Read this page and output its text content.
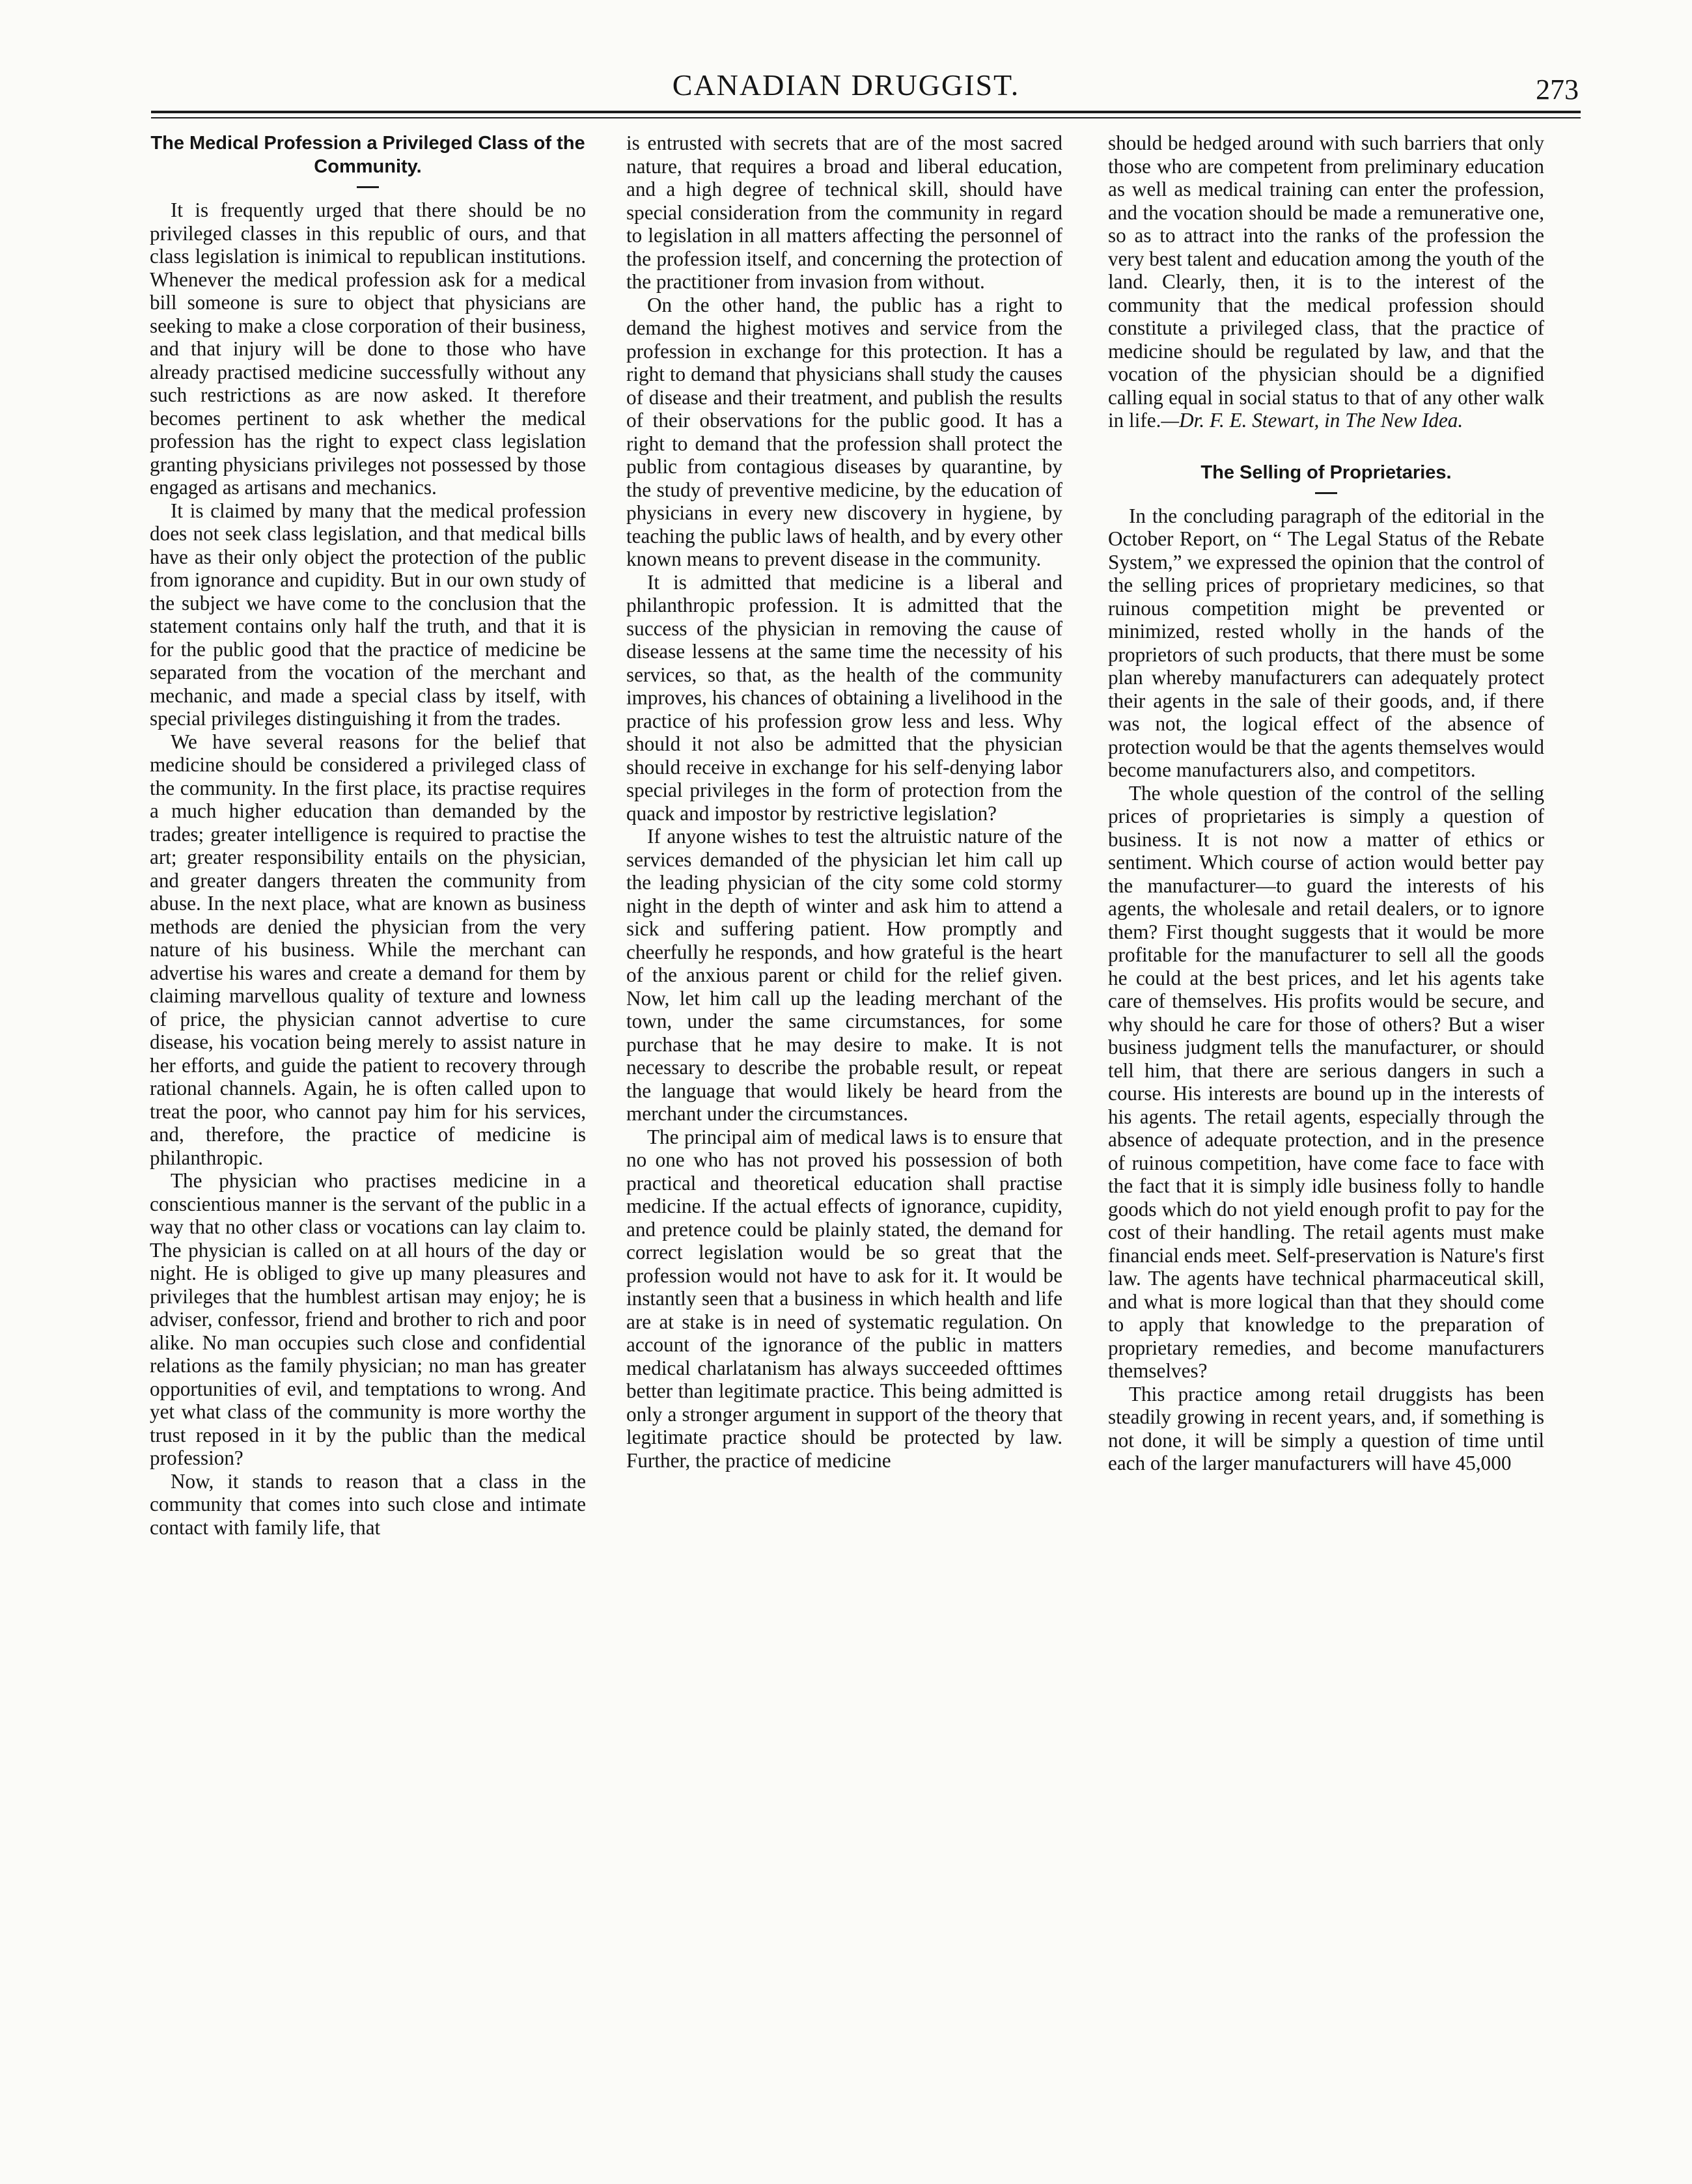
CANADIAN DRUGGIST.	273
The Medical Profession a Privileged Class of the Community.

It is frequently urged that there should be no privileged classes in this republic of ours, and that class legislation is inimical to republican institutions. Whenever the medical profession ask for a medical bill someone is sure to object that physicians are seeking to make a close corporation of their business, and that injury will be done to those who have already practised medicine successfully without any such restrictions as are now asked. It therefore becomes pertinent to ask whether the medical profession has the right to expect class legislation granting physicians privileges not possessed by those engaged as artisans and mechanics.

It is claimed by many that the medical profession does not seek class legislation, and that medical bills have as their only object the protection of the public from ignorance and cupidity. But in our own study of the subject we have come to the conclusion that the statement contains only half the truth, and that it is for the public good that the practice of medicine be separated from the vocation of the merchant and mechanic, and made a special class by itself, with special privileges distinguishing it from the trades.

We have several reasons for the belief that medicine should be considered a privileged class of the community. In the first place, its practise requires a much higher education than demanded by the trades; greater intelligence is required to practise the art; greater responsibility entails on the physician, and greater dangers threaten the community from abuse. In the next place, what are known as business methods are denied the physician from the very nature of his business. While the merchant can advertise his wares and create a demand for them by claiming marvellous quality of texture and lowness of price, the physician cannot advertise to cure disease, his vocation being merely to assist nature in her efforts, and guide the patient to recovery through rational channels. Again, he is often called upon to treat the poor, who cannot pay him for his services, and, therefore, the practice of medicine is philanthropic.

The physician who practises medicine in a conscientious manner is the servant of the public in a way that no other class or vocations can lay claim to. The physician is called on at all hours of the day or night. He is obliged to give up many pleasures and privileges that the humblest artisan may enjoy; he is adviser, confessor, friend and brother to rich and poor alike. No man occupies such close and confidential relations as the family physician; no man has greater opportunities of evil, and temptations to wrong. And yet what class of the community is more worthy the trust reposed in it by the public than the medical profession?

Now, it stands to reason that a class in the community that comes into such close and intimate contact with family life, that

is entrusted with secrets that are of the most sacred nature, that requires a broad and liberal education, and a high degree of technical skill, should have special consideration from the community in regard to legislation in all matters affecting the personnel of the profession itself, and concerning the protection of the practitioner from invasion from without.

On the other hand, the public has a right to demand the highest motives and service from the profession in exchange for this protection. It has a right to demand that physicians shall study the causes of disease and their treatment, and publish the results of their observations for the public good. It has a right to demand that the profession shall protect the public from contagious diseases by quarantine, by the study of preventive medicine, by the education of physicians in every new discovery in hygiene, by teaching the public laws of health, and by every other known means to prevent disease in the community.

It is admitted that medicine is a liberal and philanthropic profession. It is admitted that the success of the physician in removing the cause of disease lessens at the same time the necessity of his services, so that, as the health of the community improves, his chances of obtaining a livelihood in the practice of his profession grow less and less. Why should it not also be admitted that the physician should receive in exchange for his self-denying labor special privileges in the form of protection from the quack and impostor by restrictive legislation?

If anyone wishes to test the altruistic nature of the services demanded of the physician let him call up the leading physician of the city some cold stormy night in the depth of winter and ask him to attend a sick and suffering patient. How promptly and cheerfully he responds, and how grateful is the heart of the anxious parent or child for the relief given. Now, let him call up the leading merchant of the town, under the same circumstances, for some purchase that he may desire to make. It is not necessary to describe the probable result, or repeat the language that would likely be heard from the merchant under the circumstances.

The principal aim of medical laws is to ensure that no one who has not proved his possession of both practical and theoretical education shall practise medicine. If the actual effects of ignorance, cupidity, and pretence could be plainly stated, the demand for correct legislation would be so great that the profession would not have to ask for it. It would be instantly seen that a business in which health and life are at stake is in need of systematic regulation. On account of the ignorance of the public in matters medical charlatanism has always succeeded ofttimes better than legitimate practice. This being admitted is only a stronger argument in support of the theory that legitimate practice should be protected by law. Further, the practice of medicine

should be hedged around with such barriers that only those who are competent from preliminary education as well as medical training can enter the profession, and the vocation should be made a remunerative one, so as to attract into the ranks of the profession the very best talent and education among the youth of the land. Clearly, then, it is to the interest of the community that the medical profession should constitute a privileged class, that the practice of medicine should be regulated by law, and that the vocation of the physician should be a dignified calling equal in social status to that of any other walk in life.—Dr. F. E. Stewart, in The New Idea.

The Selling of Proprietaries.

In the concluding paragraph of the editorial in the October Report, on “ The Legal Status of the Rebate System,” we expressed the opinion that the control of the selling prices of proprietary medicines, so that ruinous competition might be prevented or minimized, rested wholly in the hands of the proprietors of such products, that there must be some plan whereby manufacturers can adequately protect their agents in the sale of their goods, and, if there was not, the logical effect of the absence of protection would be that the agents themselves would become manufacturers also, and competitors.

The whole question of the control of the selling prices of proprietaries is simply a question of business. It is not now a matter of ethics or sentiment. Which course of action would better pay the manufacturer—to guard the interests of his agents, the wholesale and retail dealers, or to ignore them? First thought suggests that it would be more profitable for the manufacturer to sell all the goods he could at the best prices, and let his agents take care of themselves. His profits would be secure, and why should he care for those of others? But a wiser business judgment tells the manufacturer, or should tell him, that there are serious dangers in such a course. His interests are bound up in the interests of his agents. The retail agents, especially through the absence of adequate protection, and in the presence of ruinous competition, have come face to face with the fact that it is simply idle business folly to handle goods which do not yield enough profit to pay for the cost of their handling. The retail agents must make financial ends meet. Self-preservation is Nature's first law. The agents have technical pharmaceutical skill, and what is more logical than that they should come to apply that knowledge to the preparation of proprietary remedies, and become manufacturers themselves?

This practice among retail druggists has been steadily growing in recent years, and, if something is not done, it will be simply a question of time until each of the larger manufacturers will have 45,000
